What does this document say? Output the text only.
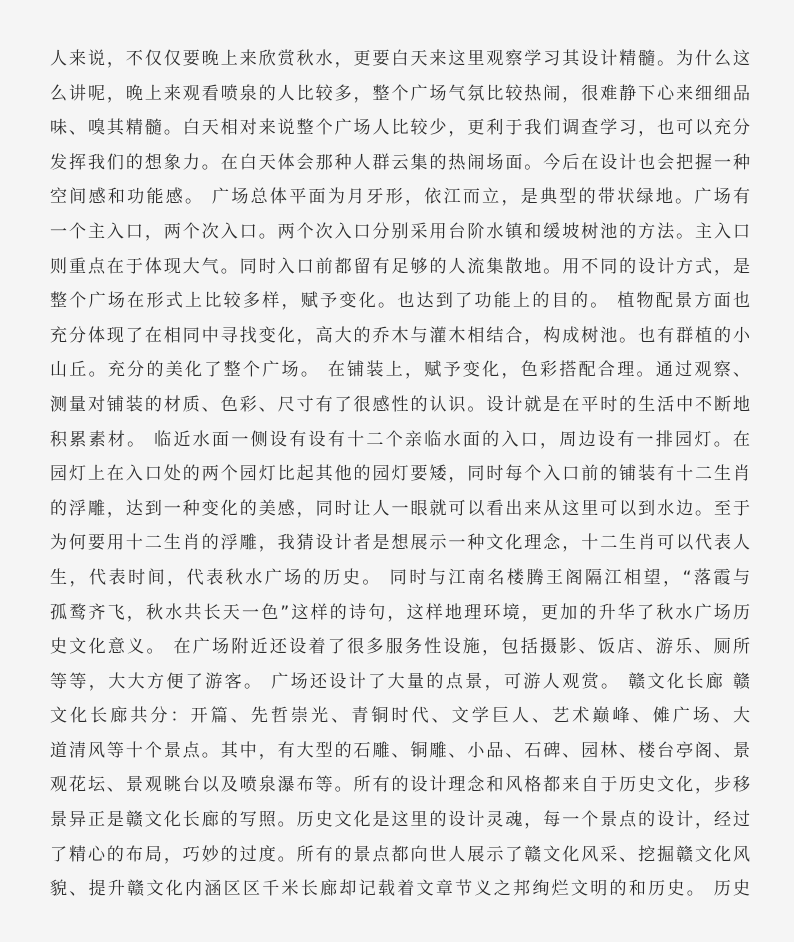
人来说，不仅仅要晚上来欣赏秋水，更要白天来这里观察学习其设计精髓。为什么这
么讲呢，晚上来观看喷泉的人比较多，整个广场气氛比较热闹，很难静下心来细细品
味、嗅其精髓。白天相对来说整个广场人比较少，更利于我们调查学习，也可以充分
发挥我们的想象力。在白天体会那种人群云集的热闹场面。今后在设计也会把握一种
空间感和功能感。 广场总体平面为月牙形，依江而立，是典型的带状绿地。广场有
一个主入口，两个次入口。两个次入口分别采用台阶水镇和缓坡树池的方法。主入口
则重点在于体现大气。同时入口前都留有足够的人流集散地。用不同的设计方式，是
整个广场在形式上比较多样，赋予变化。也达到了功能上的目的。 植物配景方面也
充分体现了在相同中寻找变化，高大的乔木与灌木相结合，构成树池。也有群植的小
山丘。充分的美化了整个广场。 在铺装上，赋予变化，色彩搭配合理。通过观察、
测量对铺装的材质、色彩、尺寸有了很感性的认识。设计就是在平时的生活中不断地
积累素材。 临近水面一侧设有设有十二个亲临水面的入口，周边设有一排园灯。在
园灯上在入口处的两个园灯比起其他的园灯要矮，同时每个入口前的铺装有十二生肖
的浮雕，达到一种变化的美感，同时让人一眼就可以看出来从这里可以到水边。至于
为何要用十二生肖的浮雕，我猜设计者是想展示一种文化理念，十二生肖可以代表人
生，代表时间，代表秋水广场的历史。 同时与江南名楼腾王阁隔江相望，“落霞与
孤鹜齐飞，秋水共长天一色”这样的诗句，这样地理环境，更加的升华了秋水广场历
史文化意义。 在广场附近还设着了很多服务性设施，包括摄影、饭店、游乐、厕所
等等，大大方便了游客。 广场还设计了大量的点景，可游人观赏。 赣文化长廊 赣
文化长廊共分：开篇、先哲崇光、青铜时代、文学巨人、艺术巅峰、傩广场、大
道清风等十个景点。其中，有大型的石雕、铜雕、小品、石碑、园林、楼台亭阁、景
观花坛、景观眺台以及喷泉瀑布等。所有的设计理念和风格都来自于历史文化，步移
景异正是赣文化长廊的写照。历史文化是这里的设计灵魂，每一个景点的设计，经过
了精心的布局，巧妙的过度。所有的景点都向世人展示了赣文化风采、挖掘赣文化风
貌、提升赣文化内涵区区千米长廊却记载着文章节义之邦绚烂文明的和历史。 历史
